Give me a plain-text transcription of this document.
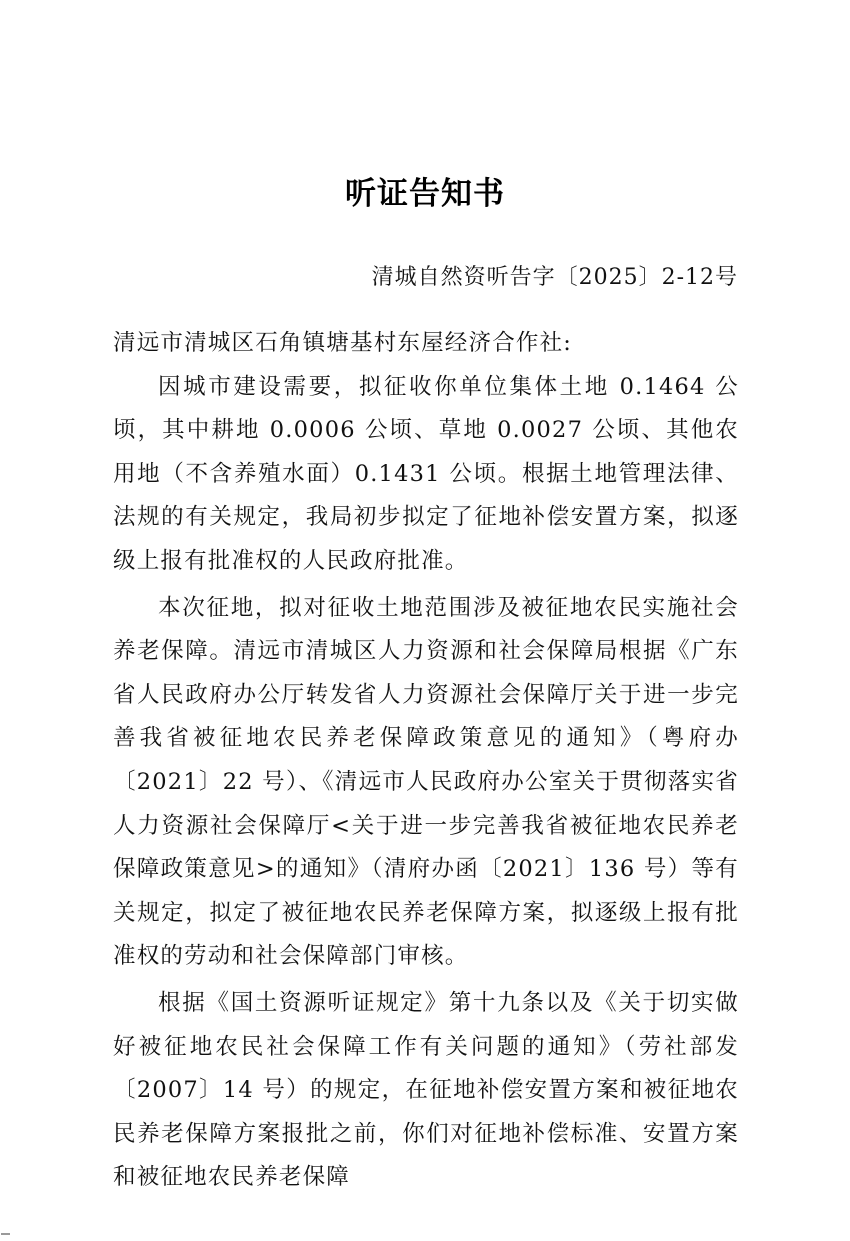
听证告知书
清城自然资听告字〔2025〕2-12号

清远市清城区石角镇塘基村东屋经济合作社:

因城市建设需要，拟征收你单位集体土地 0.1464 公顷，其中耕地 0.0006 公顷、草地 0.0027 公顷、其他农用地（不含养殖水面）0.1431 公顷。根据土地管理法律、法规的有关规定，我局初步拟定了征地补偿安置方案，拟逐级上报有批准权的人民政府批准。

本次征地，拟对征收土地范围涉及被征地农民实施社会养老保障。清远市清城区人力资源和社会保障局根据《广东省人民政府办公厅转发省人力资源社会保障厅关于进一步完善我省被征地农民养老保障政策意见的通知》（粤府办〔2021〕22 号）、《清远市人民政府办公室关于贯彻落实省人力资源社会保障厅<关于进一步完善我省被征地农民养老保障政策意见>的通知》（清府办函〔2021〕136 号）等有关规定，拟定了被征地农民养老保障方案，拟逐级上报有批准权的劳动和社会保障部门审核。

根据《国土资源听证规定》第十九条以及《关于切实做好被征地农民社会保障工作有关问题的通知》（劳社部发〔2007〕14 号）的规定，在征地补偿安置方案和被征地农民养老保障方案报批之前，你们对征地补偿标准、安置方案和被征地农民养老保障
